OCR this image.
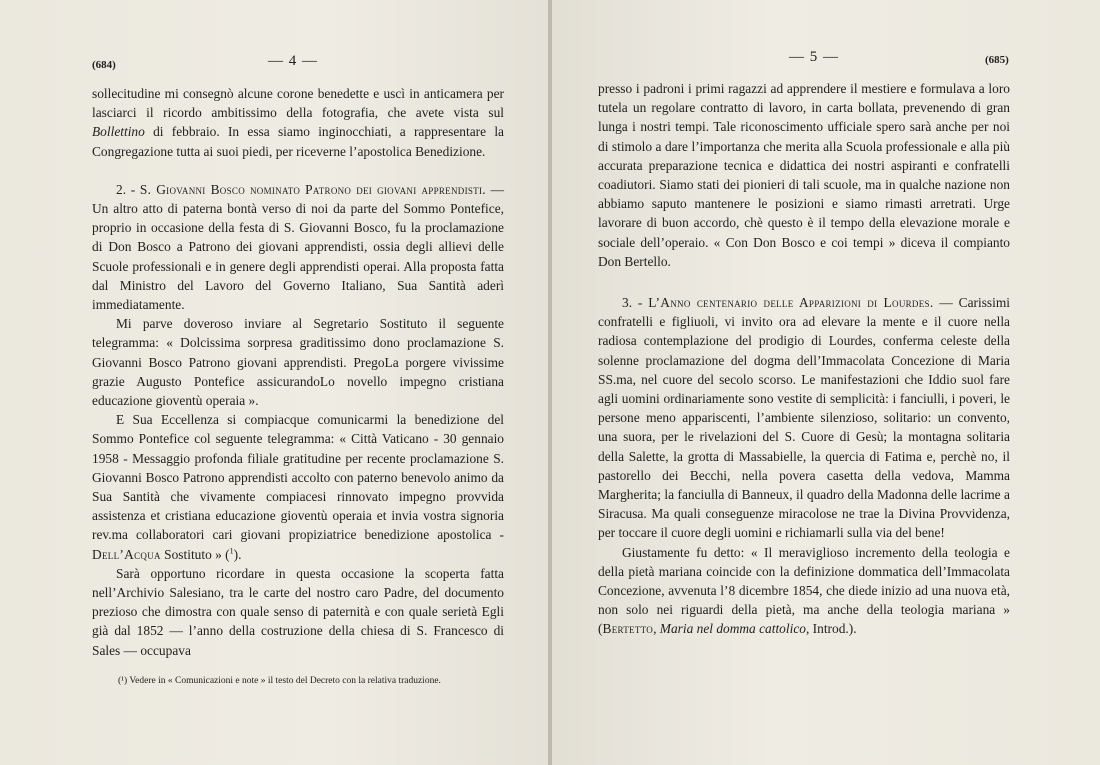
(684)	— 4 —

sollecitudine mi consegnò alcune corone benedette e uscì in anticamera per lasciarci il ricordo ambitissimo della fotografia, che avete vista sul Bollettino di febbraio. In essa siamo inginocchiati, a rappresentare la Congregazione tutta ai suoi piedi, per riceverne l’apostolica Benedizione.

2. - S. Giovanni Bosco nominato Patrono dei giovani apprendisti. — Un altro atto di paterna bontà verso di noi da parte del Sommo Pontefice, proprio in occasione della festa di S. Giovanni Bosco, fu la proclamazione di Don Bosco a Patrono dei giovani apprendisti, ossia degli allievi delle Scuole professionali e in genere degli apprendisti operai. Alla proposta fatta dal Ministro del Lavoro del Governo Italiano, Sua Santità aderì immediatamente.

Mi parve doveroso inviare al Segretario Sostituto il seguente telegramma: « Dolcissima sorpresa graditissimo dono proclamazione S. Giovanni Bosco Patrono giovani apprendisti. PregoLa porgere vivissime grazie Augusto Pontefice assicurandoLo novello impegno cristiana educazione gioventù operaia ».

E Sua Eccellenza si compiacque comunicarmi la benedizione del Sommo Pontefice col seguente telegramma: « Città Vaticano - 30 gennaio 1958 - Messaggio profonda filiale gratitudine per recente proclamazione S. Giovanni Bosco Patrono apprendisti accolto con paterno benevolo animo da Sua Santità che vivamente compiacesi rinnovato impegno provvida assistenza et cristiana educazione gioventù operaia et invia vostra signoria rev.ma collaboratori cari giovani propiziatrice benedizione apostolica - Dell’Acqua Sostituto » ($^1$).

Sarà opportuno ricordare in questa occasione la scoperta fatta nell’Archivio Salesiano, tra le carte del nostro caro Padre, del documento prezioso che dimostra con quale senso di paternità e con quale serietà Egli già dal 1852 — l’anno della costruzione della chiesa di S. Francesco di Sales — occupava

(¹) Vedere in « Comunicazioni e note » il testo del Decreto con la relativa traduzione.
— 5 —	(685)

presso i padroni i primi ragazzi ad apprendere il mestiere e formulava a loro tutela un regolare contratto di lavoro, in carta bollata, prevenendo di gran lunga i nostri tempi. Tale riconoscimento ufficiale spero sarà anche per noi di stimolo a dare l’importanza che merita alla Scuola professionale e alla più accurata preparazione tecnica e didattica dei nostri aspiranti e confratelli coadiutori. Siamo stati dei pionieri di tali scuole, ma in qualche nazione non abbiamo saputo mantenere le posizioni e siamo rimasti arretrati. Urge lavorare di buon accordo, chè questo è il tempo della elevazione morale e sociale dell’operaio. « Con Don Bosco e coi tempi » diceva il compianto Don Bertello.

3. - L’Anno centenario delle Apparizioni di Lourdes. — Carissimi confratelli e figliuoli, vi invito ora ad elevare la mente e il cuore nella radiosa contemplazione del prodigio di Lourdes, conferma celeste della solenne proclamazione del dogma dell’Immacolata Concezione di Maria SS.ma, nel cuore del secolo scorso. Le manifestazioni che Iddio suol fare agli uomini ordinariamente sono vestite di semplicità: i fanciulli, i poveri, le persone meno appariscenti, l’ambiente silenzioso, solitario: un convento, una suora, per le rivelazioni del S. Cuore di Gesù; la montagna solitaria della Salette, la grotta di Massabielle, la quercia di Fatima e, perchè no, il pastorello dei Becchi, nella povera casetta della vedova, Mamma Margherita; la fanciulla di Banneux, il quadro della Madonna delle lacrime a Siracusa. Ma quali conseguenze miracolose ne trae la Divina Provvidenza, per toccare il cuore degli uomini e richiamarli sulla via del bene!

Giustamente fu detto: « Il meraviglioso incremento della teologia e della pietà mariana coincide con la definizione dommatica dell’Immacolata Concezione, avvenuta l’8 dicembre 1854, che diede inizio ad una nuova età, non solo nei riguardi della pietà, ma anche della teologia mariana » (Bertetto, Maria nel domma cattolico, Introd.).
